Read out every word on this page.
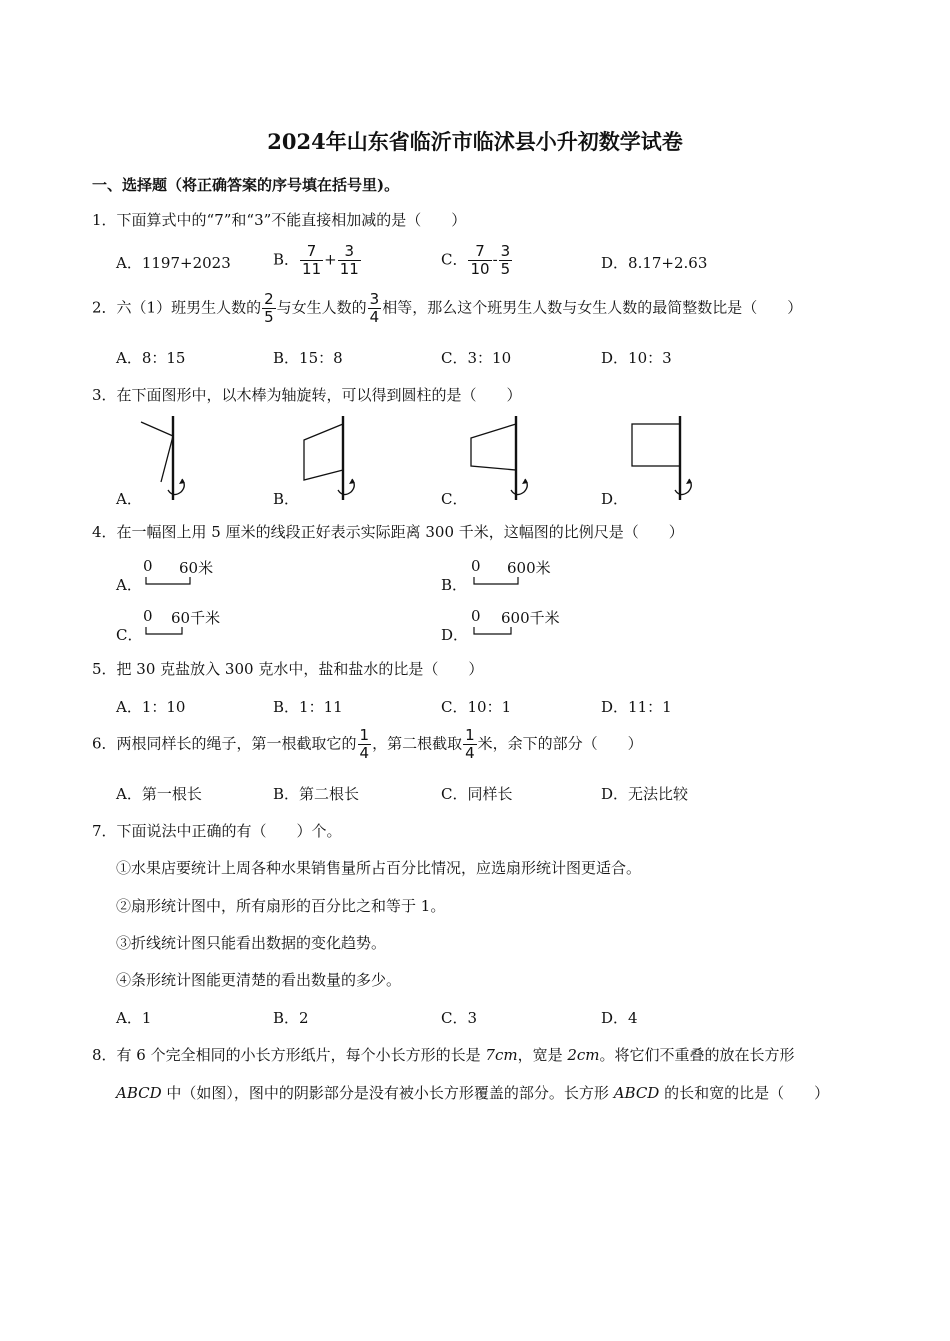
2024年山东省临沂市临沭县小升初数学试卷
一、选择题（将正确答案的序号填在括号里)。
1．下面算式中的“7”和“3”不能直接相加减的是（　　）
A．1197+2023	B． $\frac{7}{11} + \frac{3}{11}$	C． $\frac{7}{10} - \frac{3}{5}$	D．8.17+2.63
2．六（1）班男生人数的 $\frac{2}{5}$ 与女生人数的 $\frac{3}{4}$ 相等，那么这个班男生人数与女生人数的最简整数比是（　　）
A．8：15	B．15：8	C．3：10	D．10：3
3．在下面图形中，以木棒为轴旋转，可以得到圆柱的是（　　）
A．	B．	C．	D．
4．在一幅图上用 5 厘米的线段正好表示实际距离 300 千米，这幅图的比例尺是（　　）
A．
0 60米
B．
0 600米
C．
0 60千米
D．
0 600千米
5．把 30 克盐放入 300 克水中，盐和盐水的比是（　　）
A．1：10	B．1：11	C．10：1	D．11：1
6．两根同样长的绳子，第一根截取它的 $\frac{1}{4}$ ，第二根截取 $\frac{1}{4}$ 米，余下的部分（　　）
A．第一根长	B．第二根长	C．同样长	D．无法比较
7．下面说法中正确的有（　　）个。
①水果店要统计上周各种水果销售量所占百分比情况，应选扇形统计图更适合。
②扇形统计图中，所有扇形的百分比之和等于 1。
③折线统计图只能看出数据的变化趋势。
④条形统计图能更清楚的看出数量的多少。
A．1	B．2	C．3	D．4
8．有 6 个完全相同的小长方形纸片，每个小长方形的长是 7cm，宽是 2cm。将它们不重叠的放在长方形
ABCD 中（如图），图中的阴影部分是没有被小长方形覆盖的部分。长方形 ABCD 的长和宽的比是（　　）
